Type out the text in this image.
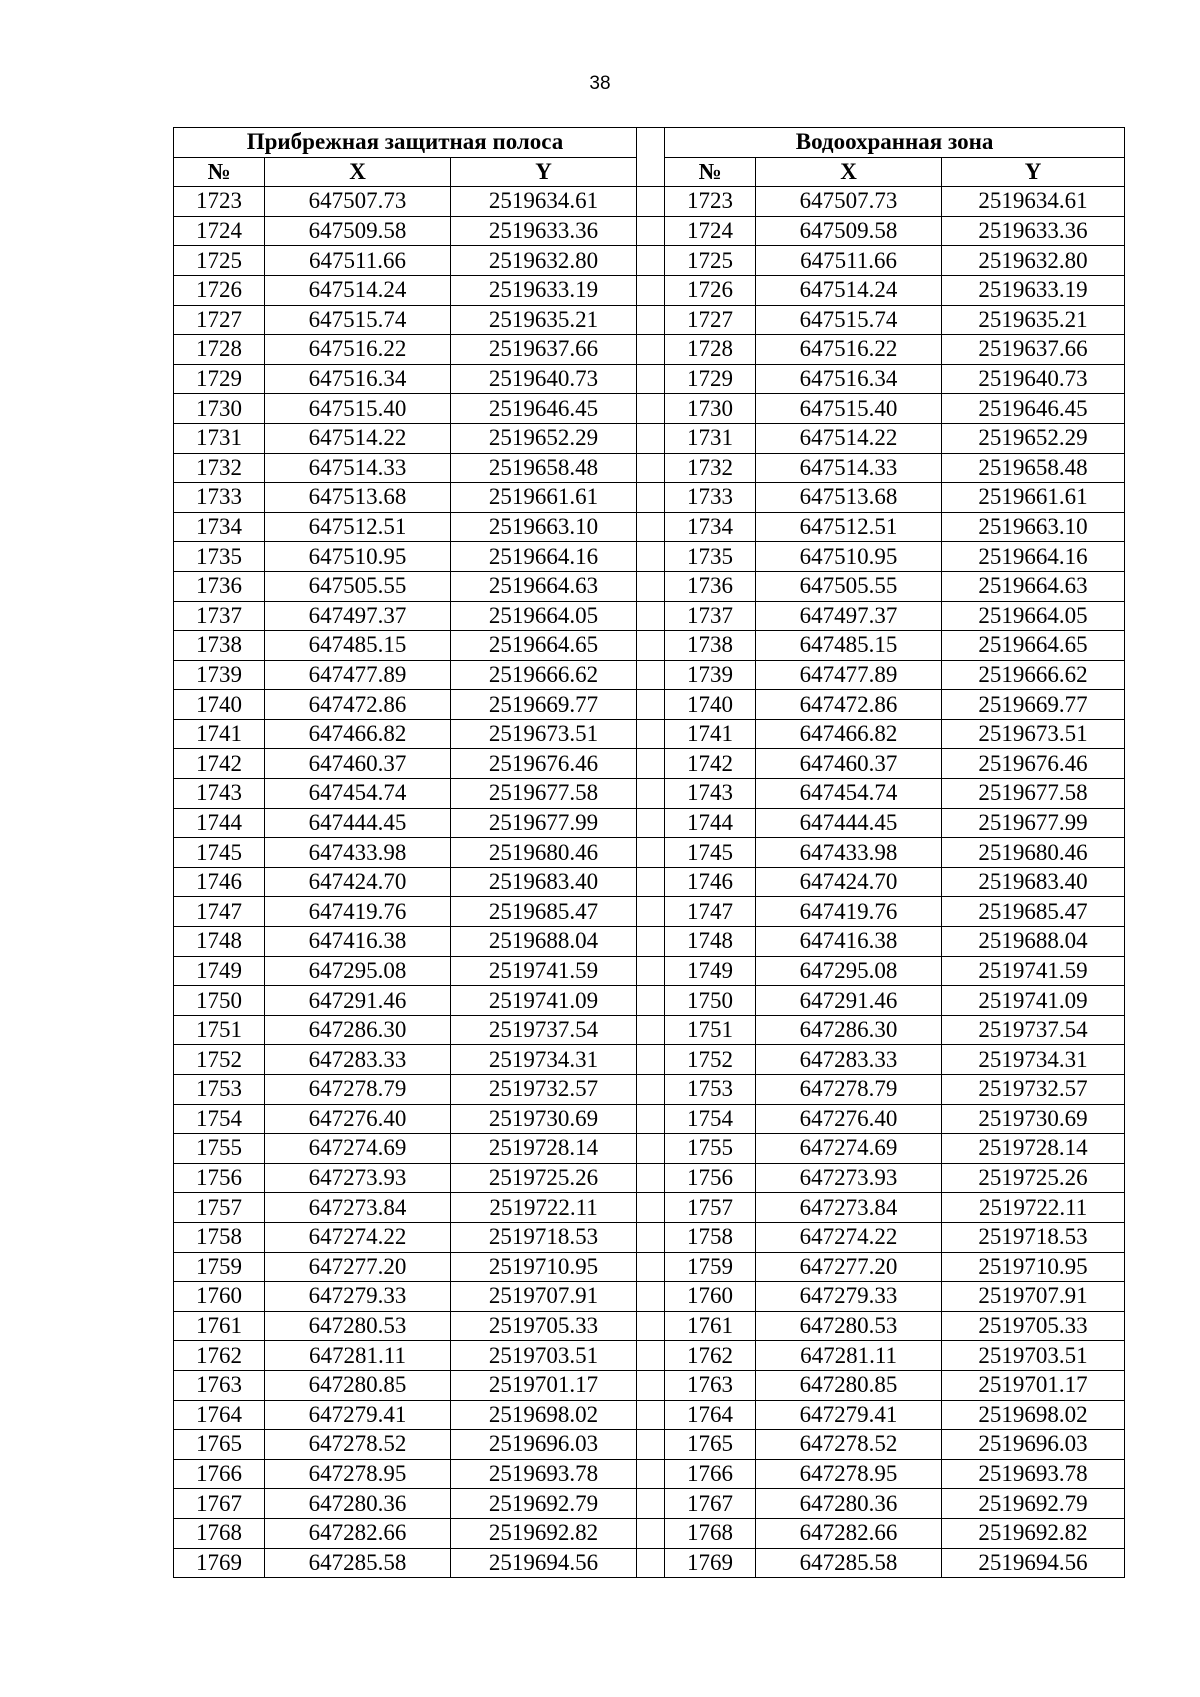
38
Прибрежная защитная полоса				Водоохранная зона		
№	X	Y		№	X	Y
1723	647507.73	2519634.61		1723	647507.73	2519634.61
1724	647509.58	2519633.36		1724	647509.58	2519633.36
1725	647511.66	2519632.80		1725	647511.66	2519632.80
1726	647514.24	2519633.19		1726	647514.24	2519633.19
1727	647515.74	2519635.21		1727	647515.74	2519635.21
1728	647516.22	2519637.66		1728	647516.22	2519637.66
1729	647516.34	2519640.73		1729	647516.34	2519640.73
1730	647515.40	2519646.45		1730	647515.40	2519646.45
1731	647514.22	2519652.29		1731	647514.22	2519652.29
1732	647514.33	2519658.48		1732	647514.33	2519658.48
1733	647513.68	2519661.61		1733	647513.68	2519661.61
1734	647512.51	2519663.10		1734	647512.51	2519663.10
1735	647510.95	2519664.16		1735	647510.95	2519664.16
1736	647505.55	2519664.63		1736	647505.55	2519664.63
1737	647497.37	2519664.05		1737	647497.37	2519664.05
1738	647485.15	2519664.65		1738	647485.15	2519664.65
1739	647477.89	2519666.62		1739	647477.89	2519666.62
1740	647472.86	2519669.77		1740	647472.86	2519669.77
1741	647466.82	2519673.51		1741	647466.82	2519673.51
1742	647460.37	2519676.46		1742	647460.37	2519676.46
1743	647454.74	2519677.58		1743	647454.74	2519677.58
1744	647444.45	2519677.99		1744	647444.45	2519677.99
1745	647433.98	2519680.46		1745	647433.98	2519680.46
1746	647424.70	2519683.40		1746	647424.70	2519683.40
1747	647419.76	2519685.47		1747	647419.76	2519685.47
1748	647416.38	2519688.04		1748	647416.38	2519688.04
1749	647295.08	2519741.59		1749	647295.08	2519741.59
1750	647291.46	2519741.09		1750	647291.46	2519741.09
1751	647286.30	2519737.54		1751	647286.30	2519737.54
1752	647283.33	2519734.31		1752	647283.33	2519734.31
1753	647278.79	2519732.57		1753	647278.79	2519732.57
1754	647276.40	2519730.69		1754	647276.40	2519730.69
1755	647274.69	2519728.14		1755	647274.69	2519728.14
1756	647273.93	2519725.26		1756	647273.93	2519725.26
1757	647273.84	2519722.11		1757	647273.84	2519722.11
1758	647274.22	2519718.53		1758	647274.22	2519718.53
1759	647277.20	2519710.95		1759	647277.20	2519710.95
1760	647279.33	2519707.91		1760	647279.33	2519707.91
1761	647280.53	2519705.33		1761	647280.53	2519705.33
1762	647281.11	2519703.51		1762	647281.11	2519703.51
1763	647280.85	2519701.17		1763	647280.85	2519701.17
1764	647279.41	2519698.02		1764	647279.41	2519698.02
1765	647278.52	2519696.03		1765	647278.52	2519696.03
1766	647278.95	2519693.78		1766	647278.95	2519693.78
1767	647280.36	2519692.79		1767	647280.36	2519692.79
1768	647282.66	2519692.82		1768	647282.66	2519692.82
1769	647285.58	2519694.56		1769	647285.58	2519694.56
